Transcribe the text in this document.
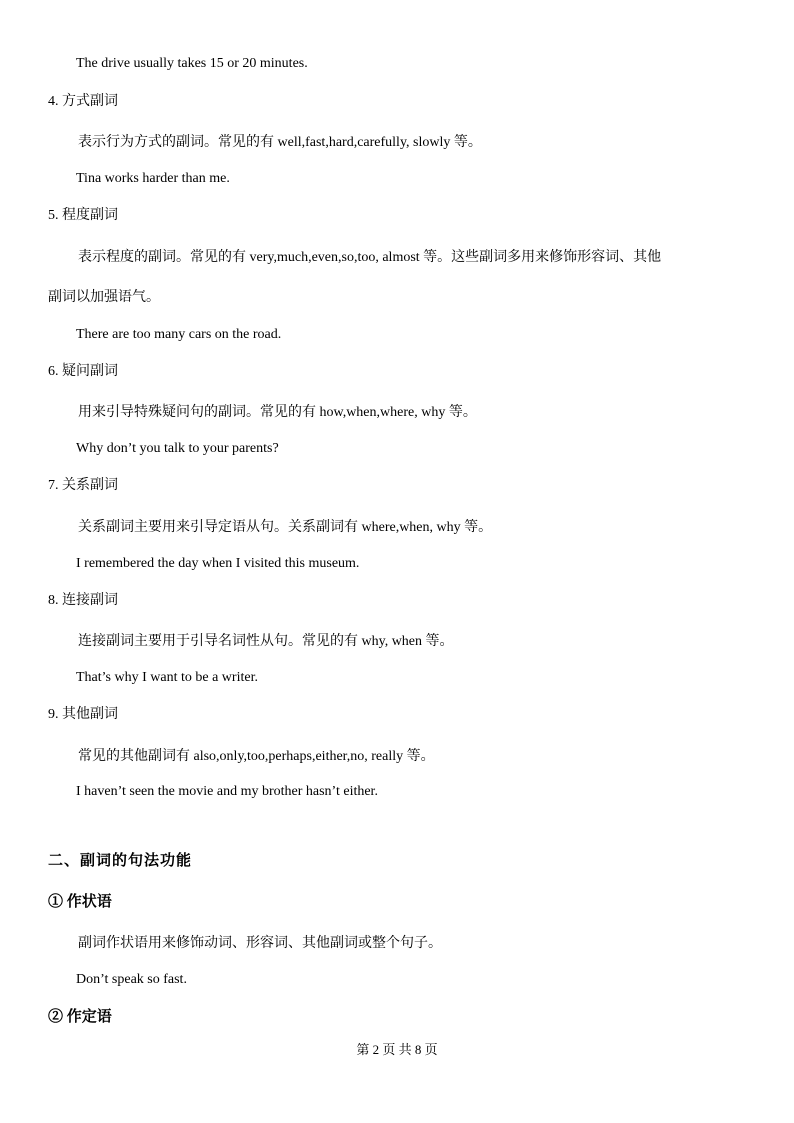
The drive usually takes 15 or 20 minutes.
4. 方式副词
表示行为方式的副词。常见的有 well,fast,hard,carefully, slowly 等。
Tina works harder than me.
5. 程度副词
表示程度的副词。常见的有 very,much,even,so,too, almost 等。这些副词多用来修饰形容词、其他
副词以加强语气。
There are too many cars on the road.
6. 疑问副词
用来引导特殊疑问句的副词。常见的有 how,when,where, why 等。
Why don’t you talk to your parents?
7. 关系副词
关系副词主要用来引导定语从句。关系副词有 where,when, why 等。
I remembered the day when I visited this museum.
8. 连接副词
连接副词主要用于引导名词性从句。常见的有 why, when 等。
That’s why I want to be a writer.
9. 其他副词
常见的其他副词有 also,only,too,perhaps,either,no, really 等。
I haven’t seen the movie and my brother hasn’t either.
二、副词的句法功能
① 作状语
副词作状语用来修饰动词、形容词、其他副词或整个句子。
Don’t speak so fast.
② 作定语
第 2 页 共 8 页
